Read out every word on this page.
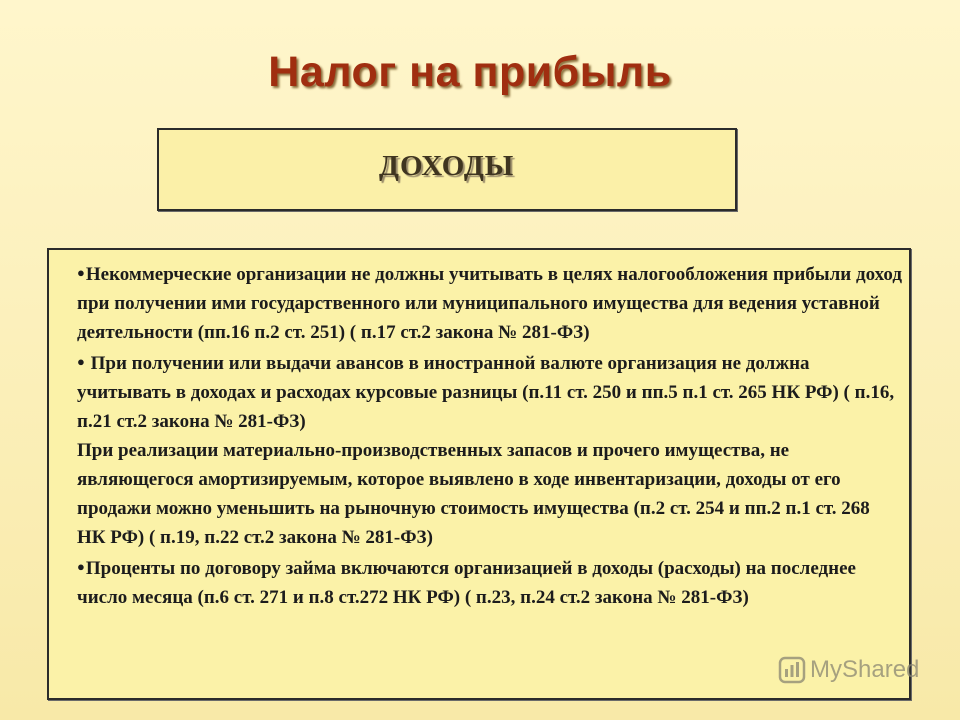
Налог на прибыль
ДОХОДЫ

●Некоммерческие организации не должны учитывать в целях налогообложения прибыли доход при получении ими государственного или муниципального имущества для ведения уставной деятельности (пп.16 п.2 ст. 251) ( п.17 ст.2 закона № 281-ФЗ)

● При получении или выдачи авансов в иностранной валюте организация не должна учитывать в доходах и расходах курсовые разницы (п.11 ст. 250 и пп.5 п.1 ст. 265 НК РФ) ( п.16, п.21 ст.2 закона № 281-ФЗ)

При реализации материально-производственных запасов и прочего имущества, не являющегося амортизируемым, которое выявлено в ходе инвентаризации, доходы от его продажи можно уменьшить на рыночную стоимость имущества (п.2 ст. 254 и пп.2 п.1 ст. 268 НК РФ) ( п.19, п.22 ст.2 закона № 281-ФЗ)

●Проценты по договору займа включаются организацией в доходы (расходы) на последнее число месяца (п.6 ст. 271 и п.8 ст.272 НК РФ) ( п.23, п.24 ст.2 закона № 281-ФЗ)

MyShared
